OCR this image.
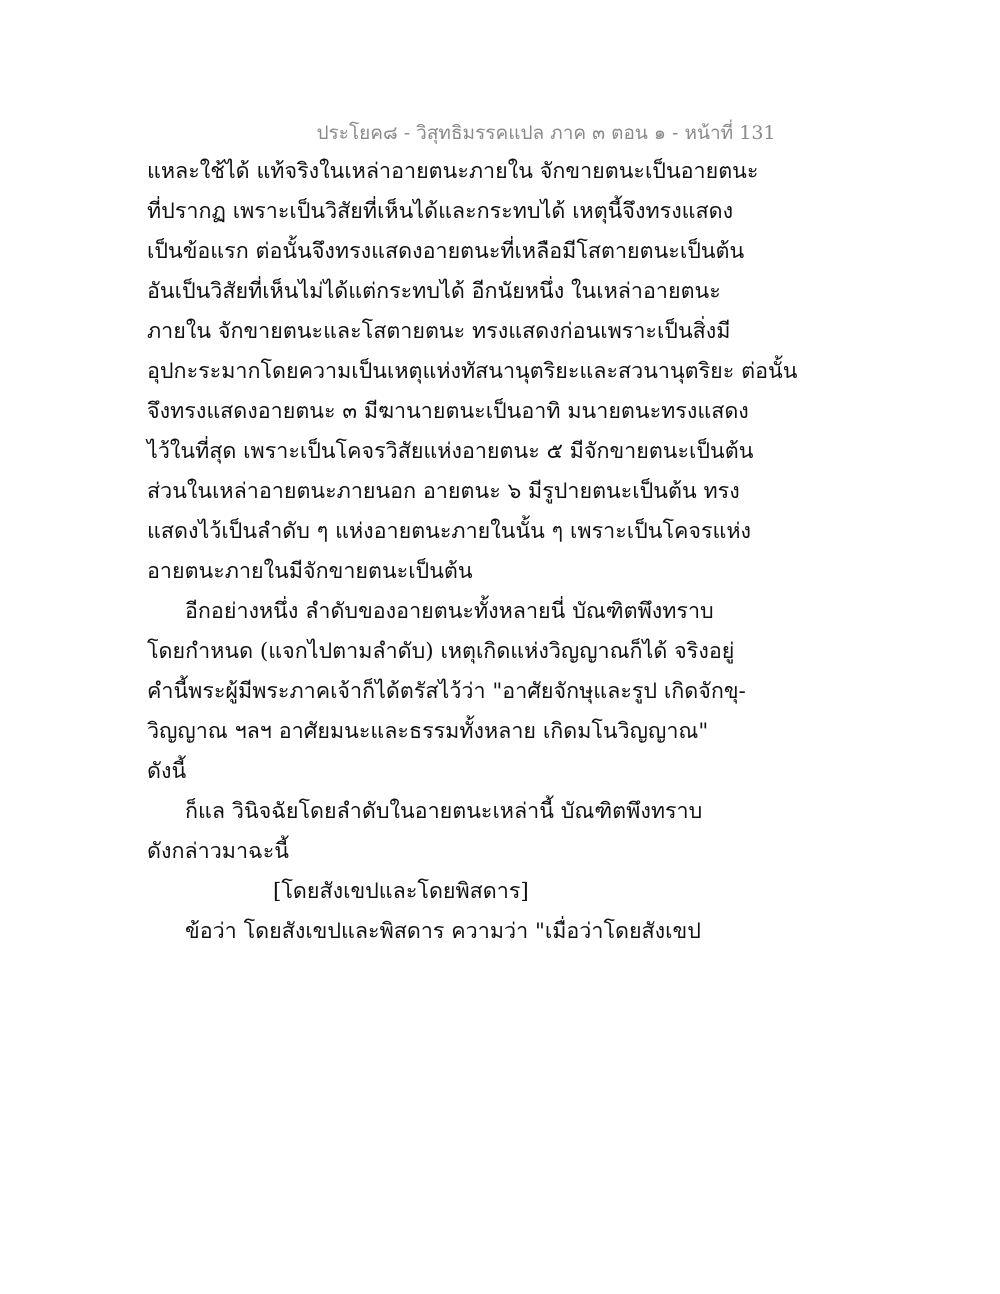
ประโยค๘ - วิสุทธิมรรคแปล ภาค ๓ ตอน ๑ - หน้าที่ 131
แหละใช้ได้ แท้จริงในเหล่าอายตนะภายใน จักขายตนะเป็นอายตนะ
ที่ปรากฏ เพราะเป็นวิสัยที่เห็นได้และกระทบได้ เหตุนี้จึงทรงแสดง
เป็นข้อแรก ต่อนั้นจึงทรงแสดงอายตนะที่เหลือมีโสตายตนะเป็นต้น
อันเป็นวิสัยที่เห็นไม่ได้แต่กระทบได้ อีกนัยหนึ่ง ในเหล่าอายตนะ
ภายใน จักขายตนะและโสตายตนะ ทรงแสดงก่อนเพราะเป็นสิ่งมี
อุปกะระมากโดยความเป็นเหตุแห่งทัสนานุตริยะและสวนานุตริยะ ต่อนั้น
จึงทรงแสดงอายตนะ ๓ มีฆานายตนะเป็นอาทิ มนายตนะทรงแสดง
ไว้ในที่สุด เพราะเป็นโคจรวิสัยแห่งอายตนะ ๕ มีจักขายตนะเป็นต้น
ส่วนในเหล่าอายตนะภายนอก อายตนะ ๖ มีรูปายตนะเป็นต้น ทรง
แสดงไว้เป็นลำดับ ๆ แห่งอายตนะภายในนั้น ๆ เพราะเป็นโคจรแห่ง
อายตนะภายในมีจักขายตนะเป็นต้น
อีกอย่างหนึ่ง ลำดับของอายตนะทั้งหลายนี่ บัณฑิตพึงทราบ
โดยกำหนด (แจกไปตามลำดับ) เหตุเกิดแห่งวิญญาณก็ได้ จริงอยู่
คำนี้พระผู้มีพระภาคเจ้าก็ได้ตรัสไว้ว่า "อาศัยจักษุและรูป เกิดจักขุ-
วิญญาณ ฯลฯ อาศัยมนะและธรรมทั้งหลาย เกิดมโนวิญญาณ"
ดังนี้
ก็แล วินิจฉัยโดยลำดับในอายตนะเหล่านี้ บัณฑิตพึงทราบ
ดังกล่าวมาฉะนี้
[โดยสังเขปและโดยพิสดาร]
ข้อว่า โดยสังเขปและพิสดาร ความว่า "เมื่อว่าโดยสังเขป
